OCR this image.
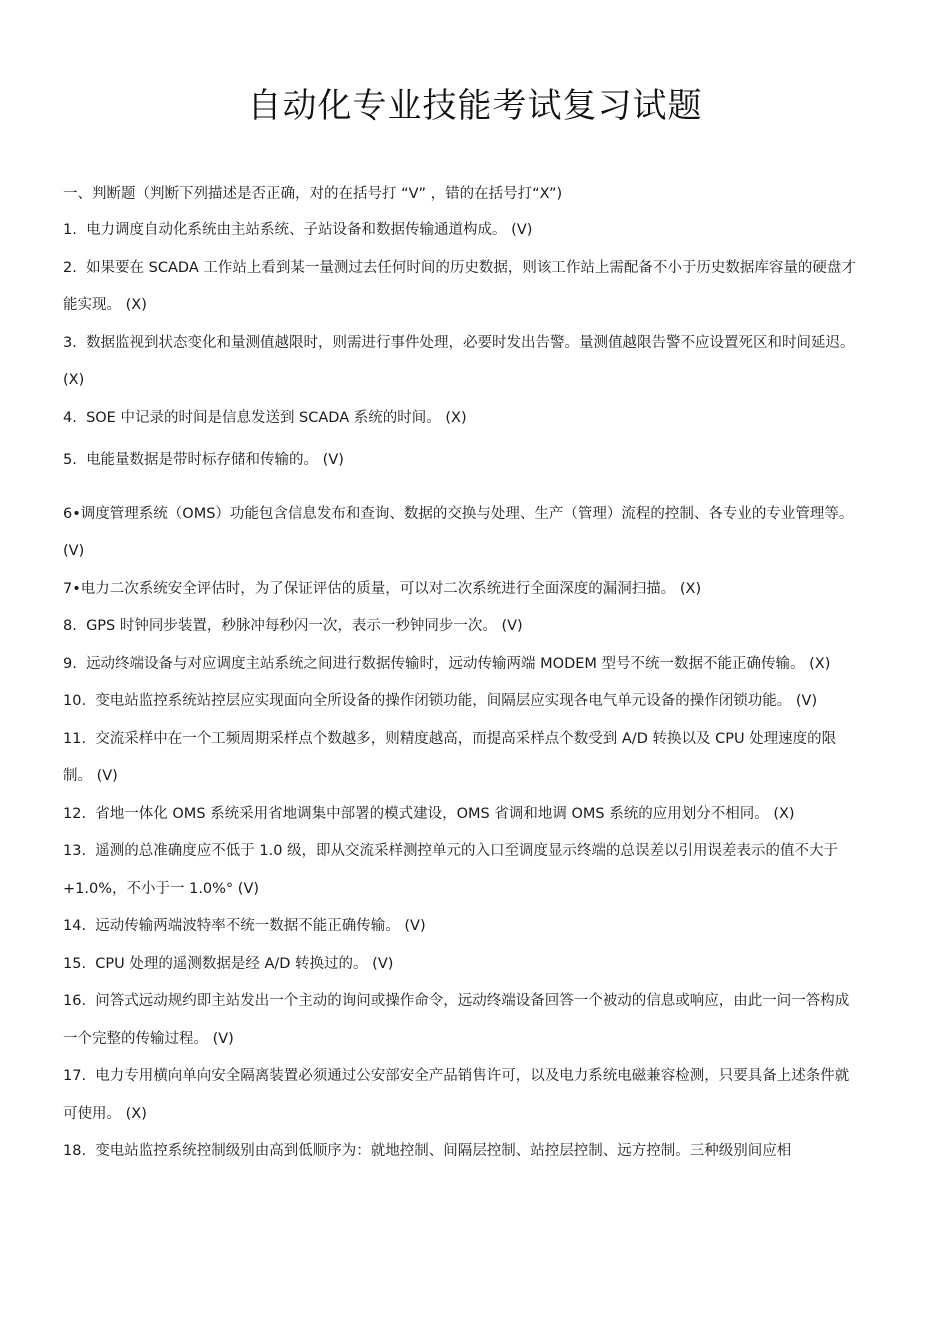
自动化专业技能考试复习试题

一、判断题（判断下列描述是否正确，对的在括号打 “V” ，错的在括号打“X”)

1. 电力调度自动化系统由主站系统、子站设备和数据传输通道构成。 (V)

2. 如果要在 SCADA 工作站上看到某一量测过去任何时间的历史数据，则该工作站上需配备不小于历史数据库容量的硬盘才能实现。 (X)

3. 数据监视到状态变化和量测值越限时，则需进行事件处理，必要时发出告警。量测值越限告警不应设置死区和时间延迟。 (X)

4. SOE 中记录的时间是信息发送到 SCADA 系统的时间。 (X)

5. 电能量数据是带时标存储和传输的。 (V)

6•调度管理系统（OMS）功能包含信息发布和查询、数据的交换与处理、生产（管理）流程的控制、各专业的专业管理等。 (V)

7•电力二次系统安全评估时，为了保证评估的质量，可以对二次系统进行全面深度的漏洞扫描。 (X)

8. GPS 时钟同步装置，秒脉冲每秒闪一次，表示一秒钟同步一次。 (V)

9. 远动终端设备与对应调度主站系统之间进行数据传输时，远动传输两端 MODEM 型号不统一数据不能正确传输。 (X)

10. 变电站监控系统站控层应实现面向全所设备的操作闭锁功能，间隔层应实现各电气单元设备的操作闭锁功能。 (V)

11. 交流采样中在一个工频周期采样点个数越多，则精度越高，而提高采样点个数受到 A/D 转换以及 CPU 处理速度的限制。 (V)

12. 省地一体化 OMS 系统采用省地调集中部署的模式建设，OMS 省调和地调 OMS 系统的应用划分不相同。 (X)

13. 遥测的总准确度应不低于 1.0 级，即从交流采样测控单元的入口至调度显示终端的总误差以引用误差表示的值不大于+1.0%，不小于一 1.0%° (V)

14. 远动传输两端波特率不统一数据不能正确传输。 (V)

15. CPU 处理的遥测数据是经 A/D 转换过的。 (V)

16. 问答式远动规约即主站发出一个主动的询问或操作命令，远动终端设备回答一个被动的信息或响应，由此一问一答构成一个完整的传输过程。 (V)

17. 电力专用横向单向安全隔离装置必须通过公安部安全产品销售许可，以及电力系统电磁兼容检测，只要具备上述条件就可使用。 (X)

18. 变电站监控系统控制级别由高到低顺序为：就地控制、间隔层控制、站控层控制、远方控制。三种级别间应相
